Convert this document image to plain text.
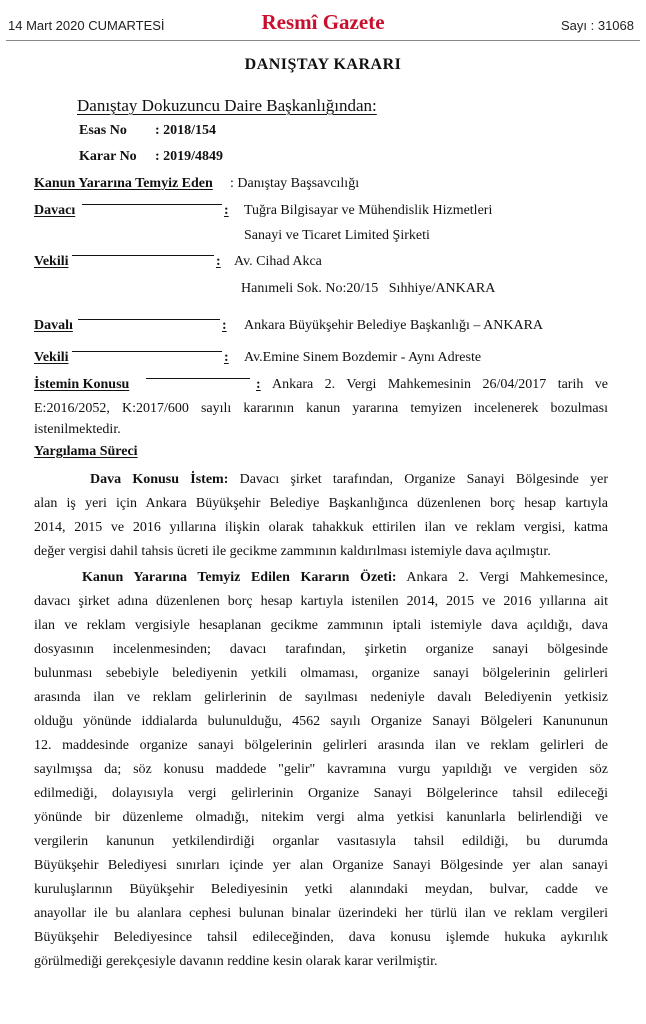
14 Mart 2020 CUMARTESİ	Resmî Gazete	Sayı : 31068
DANIŞTAY KARARI
Danıştay Dokuzuncu Daire Başkanlığından:
Esas No : 2018/154
Karar No : 2019/4849
Kanun Yararına Temyiz Eden : Danıştay Başsavcılığı
Davacı	: Tuğra Bilgisayar ve Mühendislik Hizmetleri
Sanayi ve Ticaret Limited Şirketi
Vekili	: Av. Cihad Akca
Hanımeli Sok. No:20/15   Sıhhiye/ANKARA
Davalı	: Ankara Büyükşehir Belediye Başkanlığı – ANKARA
Vekili	: Av.Emine Sinem Bozdemir - Aynı Adreste
İstemin Konusu	: Ankara 2. Vergi Mahkemesinin 26/04/2017 tarih ve
E:2016/2052, K:2017/600 sayılı kararının kanun yararına temyizen incelenerek bozulması
istenilmektedir.
Yargılama Süreci
Dava Konusu İstem: Davacı şirket tarafından, Organize Sanayi Bölgesinde yer
alan iş yeri için Ankara Büyükşehir Belediye Başkanlığınca düzenlenen borç hesap kartıyla
2014, 2015 ve 2016 yıllarına ilişkin olarak tahakkuk ettirilen ilan ve reklam vergisi, katma
değer vergisi dahil tahsis ücreti ile gecikme zammının kaldırılması istemiyle dava açılmıştır.
Kanun Yararına Temyiz Edilen Kararın Özeti: Ankara 2. Vergi Mahkemesince,
davacı şirket adına düzenlenen borç hesap kartıyla istenilen 2014, 2015 ve 2016 yıllarına ait
ilan ve reklam vergisiyle hesaplanan gecikme zammının iptali istemiyle dava açıldığı, dava
dosyasının incelenmesinden; davacı tarafından, şirketin organize sanayi bölgesinde
bulunması sebebiyle belediyenin yetkili olmaması, organize sanayi bölgelerinin gelirleri
arasında ilan ve reklam gelirlerinin de sayılması nedeniyle davalı Belediyenin yetkisiz
olduğu yönünde iddialarda bulunulduğu, 4562 sayılı Organize Sanayi Bölgeleri Kanununun
12. maddesinde organize sanayi bölgelerinin gelirleri arasında ilan ve reklam gelirleri de
sayılmışsa da; söz konusu maddede "gelir" kavramına vurgu yapıldığı ve vergiden söz
edilmediği, dolayısıyla vergi gelirlerinin Organize Sanayi Bölgelerince tahsil edileceği
yönünde bir düzenleme olmadığı, nitekim vergi alma yetkisi kanunlarla belirlendiği ve
vergilerin kanunun yetkilendirdiği organlar vasıtasıyla tahsil edildiği, bu durumda
Büyükşehir Belediyesi sınırları içinde yer alan Organize Sanayi Bölgesinde yer alan sanayi
kuruluşlarının Büyükşehir Belediyesinin yetki alanındaki meydan, bulvar, cadde ve
anayollar ile bu alanlara cephesi bulunan binalar üzerindeki her türlü ilan ve reklam vergileri
Büyükşehir Belediyesince tahsil edileceğinden, dava konusu işlemde hukuka aykırılık
görülmediği gerekçesiyle davanın reddine kesin olarak karar verilmiştir.
